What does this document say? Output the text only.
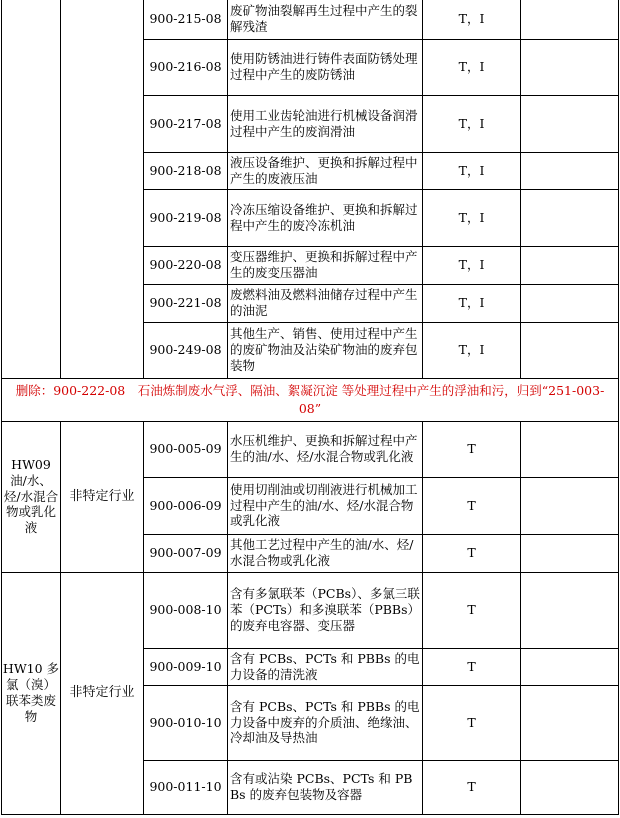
		900-215-08	废矿物油裂解再生过程中产生的裂解残渣	T，I	
		900-216-08	使用防锈油进行铸件表面防锈处理过程中产生的废防锈油	T，I	
		900-217-08	使用工业齿轮油进行机械设备润滑过程中产生的废润滑油	T，I	
		900-218-08	液压设备维护、更换和拆解过程中产生的废液压油	T，I	
		900-219-08	冷冻压缩设备维护、更换和拆解过程中产生的废冷冻机油	T，I	
		900-220-08	变压器维护、更换和拆解过程中产生的废变压器油	T，I	
		900-221-08	废燃料油及燃料油储存过程中产生的油泥	T，I	
		900-249-08	其他生产、销售、使用过程中产生的废矿物油及沾染矿物油的废弃包装物	T，I	
删除：900-222-08　石油炼制废水气浮、隔油、絮凝沉淀 等处理过程中产生的浮油和污，归到“251-003-08”					
HW09 油/水、烃/水混合物或乳化液	非特定行业	900-005-09	水压机维护、更换和拆解过程中产生的油/水、烃/水混合物或乳化液	T	
		900-006-09	使用切削油或切削液进行机械加工过程中产生的油/水、烃/水混合物或乳化液	T	
		900-007-09	其他工艺过程中产生的油/水、烃/水混合物或乳化液	T	
HW10 多氯（溴）联苯类废物	非特定行业	900-008-10	含有多氯联苯（PCBs）、多氯三联苯（PCTs）和多溴联苯（PBBs）的废弃电容器、变压器	T	
		900-009-10	含有 PCBs、PCTs 和 PBBs 的电力设备的清洗液	T	
		900-010-10	含有 PCBs、PCTs 和 PBBs 的电力设备中废弃的介质油、绝缘油、冷却油及导热油	T	
		900-011-10	含有或沾染 PCBs、PCTs 和 PBBs 的废弃包装物及容器	T	
